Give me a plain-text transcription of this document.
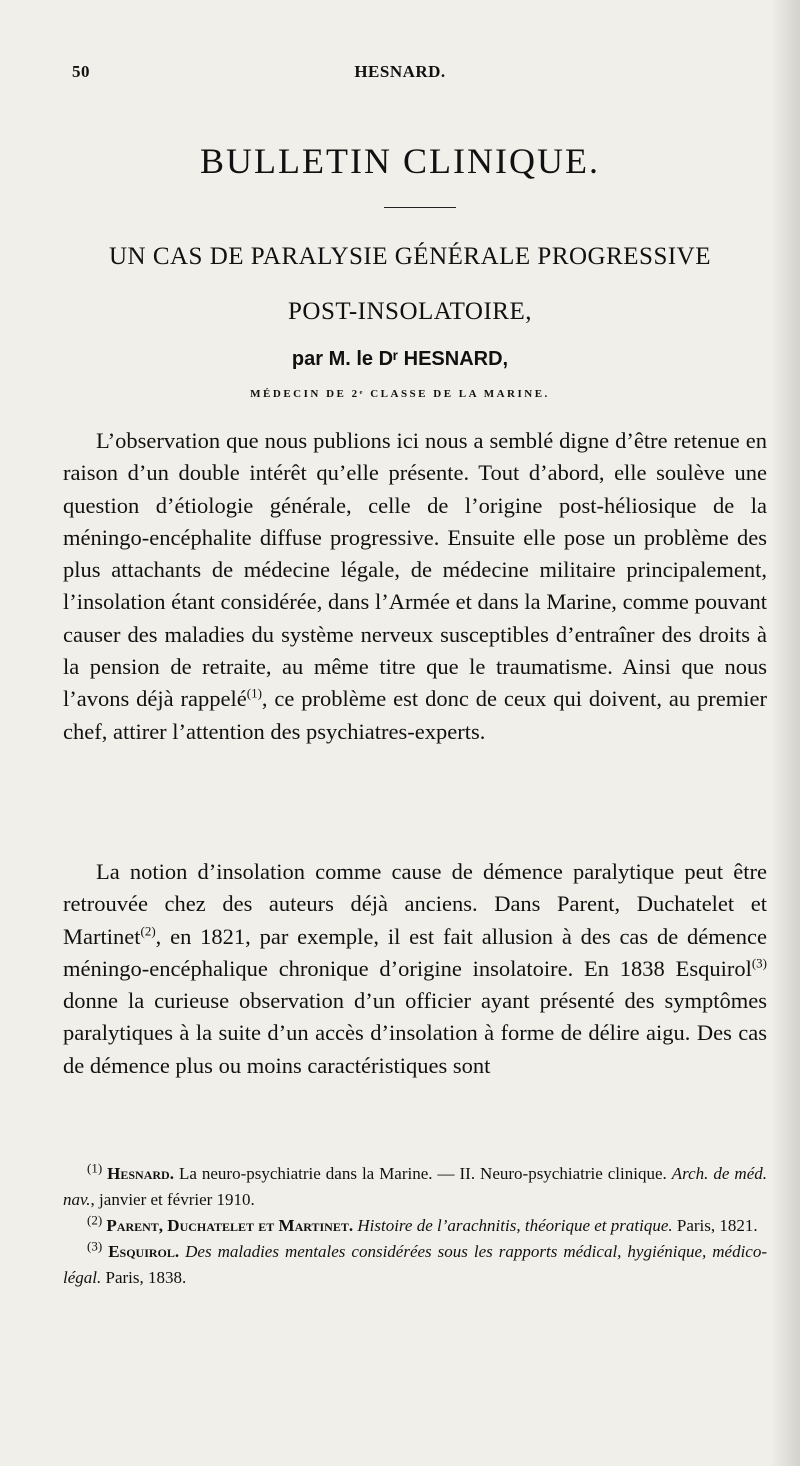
50	HESNARD.
BULLETIN CLINIQUE.
UN CAS DE PARALYSIE GÉNÉRALE PROGRESSIVE
POST-INSOLATOIRE,
par M. le Dʳ HESNARD,
MÉDECIN DE 2ᵉ CLASSE DE LA MARINE.

L’observation que nous publions ici nous a semblé digne d’être retenue en raison d’un double intérêt qu’elle présente. Tout d’abord, elle soulève une question d’étiologie générale, celle de l’origine post-héliosique de la méningo-encéphalite diffuse progressive. Ensuite elle pose un problème des plus attachants de médecine légale, de médecine militaire principalement, l’insolation étant considérée, dans l’Armée et dans la Marine, comme pouvant causer des maladies du système nerveux susceptibles d’entraîner des droits à la pension de retraite, au même titre que le traumatisme. Ainsi que nous l’avons déjà rappelé$^{(1)}$, ce problème est donc de ceux qui doivent, au premier chef, attirer l’attention des psychiatres-experts.

La notion d’insolation comme cause de démence paralytique peut être retrouvée chez des auteurs déjà anciens. Dans Parent, Duchatelet et Martinet$^{(2)}$, en 1821, par exemple, il est fait allusion à des cas de démence méningo-encéphalique chronique d’origine insolatoire. En 1838 Esquirol$^{(3)}$ donne la curieuse observation d’un officier ayant présenté des symptômes paralytiques à la suite d’un accès d’insolation à forme de délire aigu. Des cas de démence plus ou moins caractéristiques sont

$^{(1)}$ Hesnard. La neuro-psychiatrie dans la Marine. — II. Neuro-psychiatrie clinique. Arch. de méd. nav., janvier et février 1910.

$^{(2)}$ Parent, Duchatelet et Martinet. Histoire de l’arachnitis, théorique et pratique. Paris, 1821.

$^{(3)}$ Esquirol. Des maladies mentales considérées sous les rapports médical, hygiénique, médico-légal. Paris, 1838.
